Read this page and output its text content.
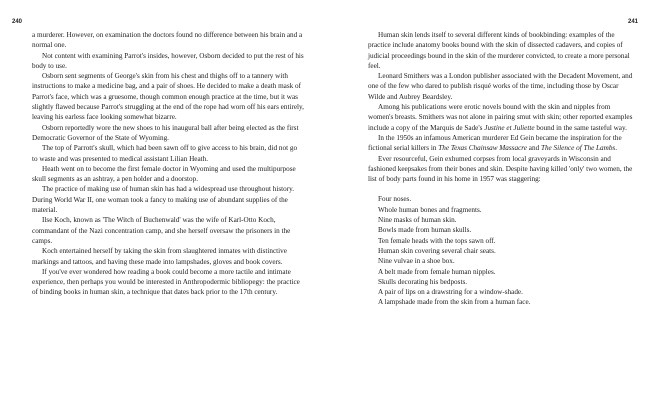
240

a murderer. However, on examination the doctors found no difference between his brain and a normal one.

Not content with examining Parrot's insides, however, Osborn decided to put the rest of his body to use.

Osborn sent segments of George's skin from his chest and thighs off to a tannery with instructions to make a medicine bag, and a pair of shoes. He decided to make a death mask of Parrot's face, which was a gruesome, though common enough practice at the time, but it was slightly flawed because Parrot's struggling at the end of the rope had worn off his ears entirely, leaving his earless face looking somewhat bizarre.

Osborn reportedly wore the new shoes to his inaugural ball after being elected as the first Democratic Governor of the State of Wyoming.

The top of Parrott's skull, which had been sawn off to give access to his brain, did not go to waste and was presented to medical assistant Lilian Heath.

Heath went on to become the first female doctor in Wyoming and used the multipurpose skull segments as an ashtray, a pen holder and a doorstop.

The practice of making use of human skin has had a widespread use throughout history. During World War II, one woman took a fancy to making use of abundant supplies of the material.

Ilse Koch, known as 'The Witch of Buchenwald' was the wife of Karl-Otto Koch, commandant of the Nazi concentration camp, and she herself oversaw the prisoners in the camps.

Koch entertained herself by taking the skin from slaughtered inmates with distinctive markings and tattoos, and having these made into lampshades, gloves and book covers.

If you've ever wondered how reading a book could become a more tactile and intimate experience, then perhaps you would be interested in Anthropodermic bibliopegy: the practice of binding books in human skin, a technique that dates back prior to the 17th century.

241

Human skin lends itself to several different kinds of bookbinding: examples of the practice include anatomy books bound with the skin of dissected cadavers, and copies of judicial proceedings bound in the skin of the murderer convicted, to create a more personal feel.

Leonard Smithers was a London publisher associated with the Decadent Movement, and one of the few who dared to publish risqué works of the time, including those by Oscar Wilde and Aubrey Beardsley.

Among his publications were erotic novels bound with the skin and nipples from women's breasts. Smithers was not alone in pairing smut with skin; other reported examples include a copy of the Marquis de Sade's Justine et Juliette bound in the same tasteful way.

In the 1950s an infamous American murderer Ed Gein became the inspiration for the fictional serial killers in The Texas Chainsaw Massacre and The Silence of The Lambs.

Ever resourceful, Gein exhumed corpses from local graveyards in Wisconsin and fashioned keepsakes from their bones and skin. Despite having killed 'only' two women, the list of body parts found in his home in 1957 was staggering:

Four noses.
Whole human bones and fragments.
Nine masks of human skin.
Bowls made from human skulls.
Ten female heads with the tops sawn off.
Human skin covering several chair seats.
Nine vulvae in a shoe box.
A belt made from female human nipples.
Skulls decorating his bedposts.
A pair of lips on a drawstring for a window-shade.
A lampshade made from the skin from a human face.
